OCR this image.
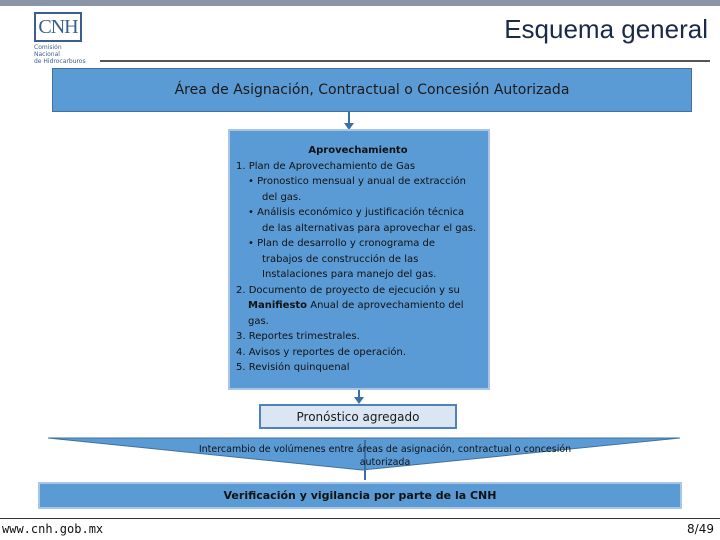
CNH
Comisión Nacional
de Hidrocarburos
Esquema general
Área de Asignación, Contractual o Concesión Autorizada
Aprovechamiento
1. Plan de Aprovechamiento de Gas
• Pronostico mensual y anual de extracción
del gas.
• Análisis económico y justificación técnica
de las alternativas para aprovechar el gas.
• Plan de desarrollo y cronograma de
trabajos de construcción de las
Instalaciones para manejo del gas.
2. Documento de proyecto de ejecución y su
Manifiesto Anual de aprovechamiento del
gas.
3. Reportes trimestrales.
4. Avisos y reportes de operación.
5. Revisión quinquenal
Pronóstico agregado
Intercambio de volúmenes entre áreas de asignación, contractual o concesión autorizada
Verificación y vigilancia por parte de la CNH
www.cnh.gob.mx	8/49
